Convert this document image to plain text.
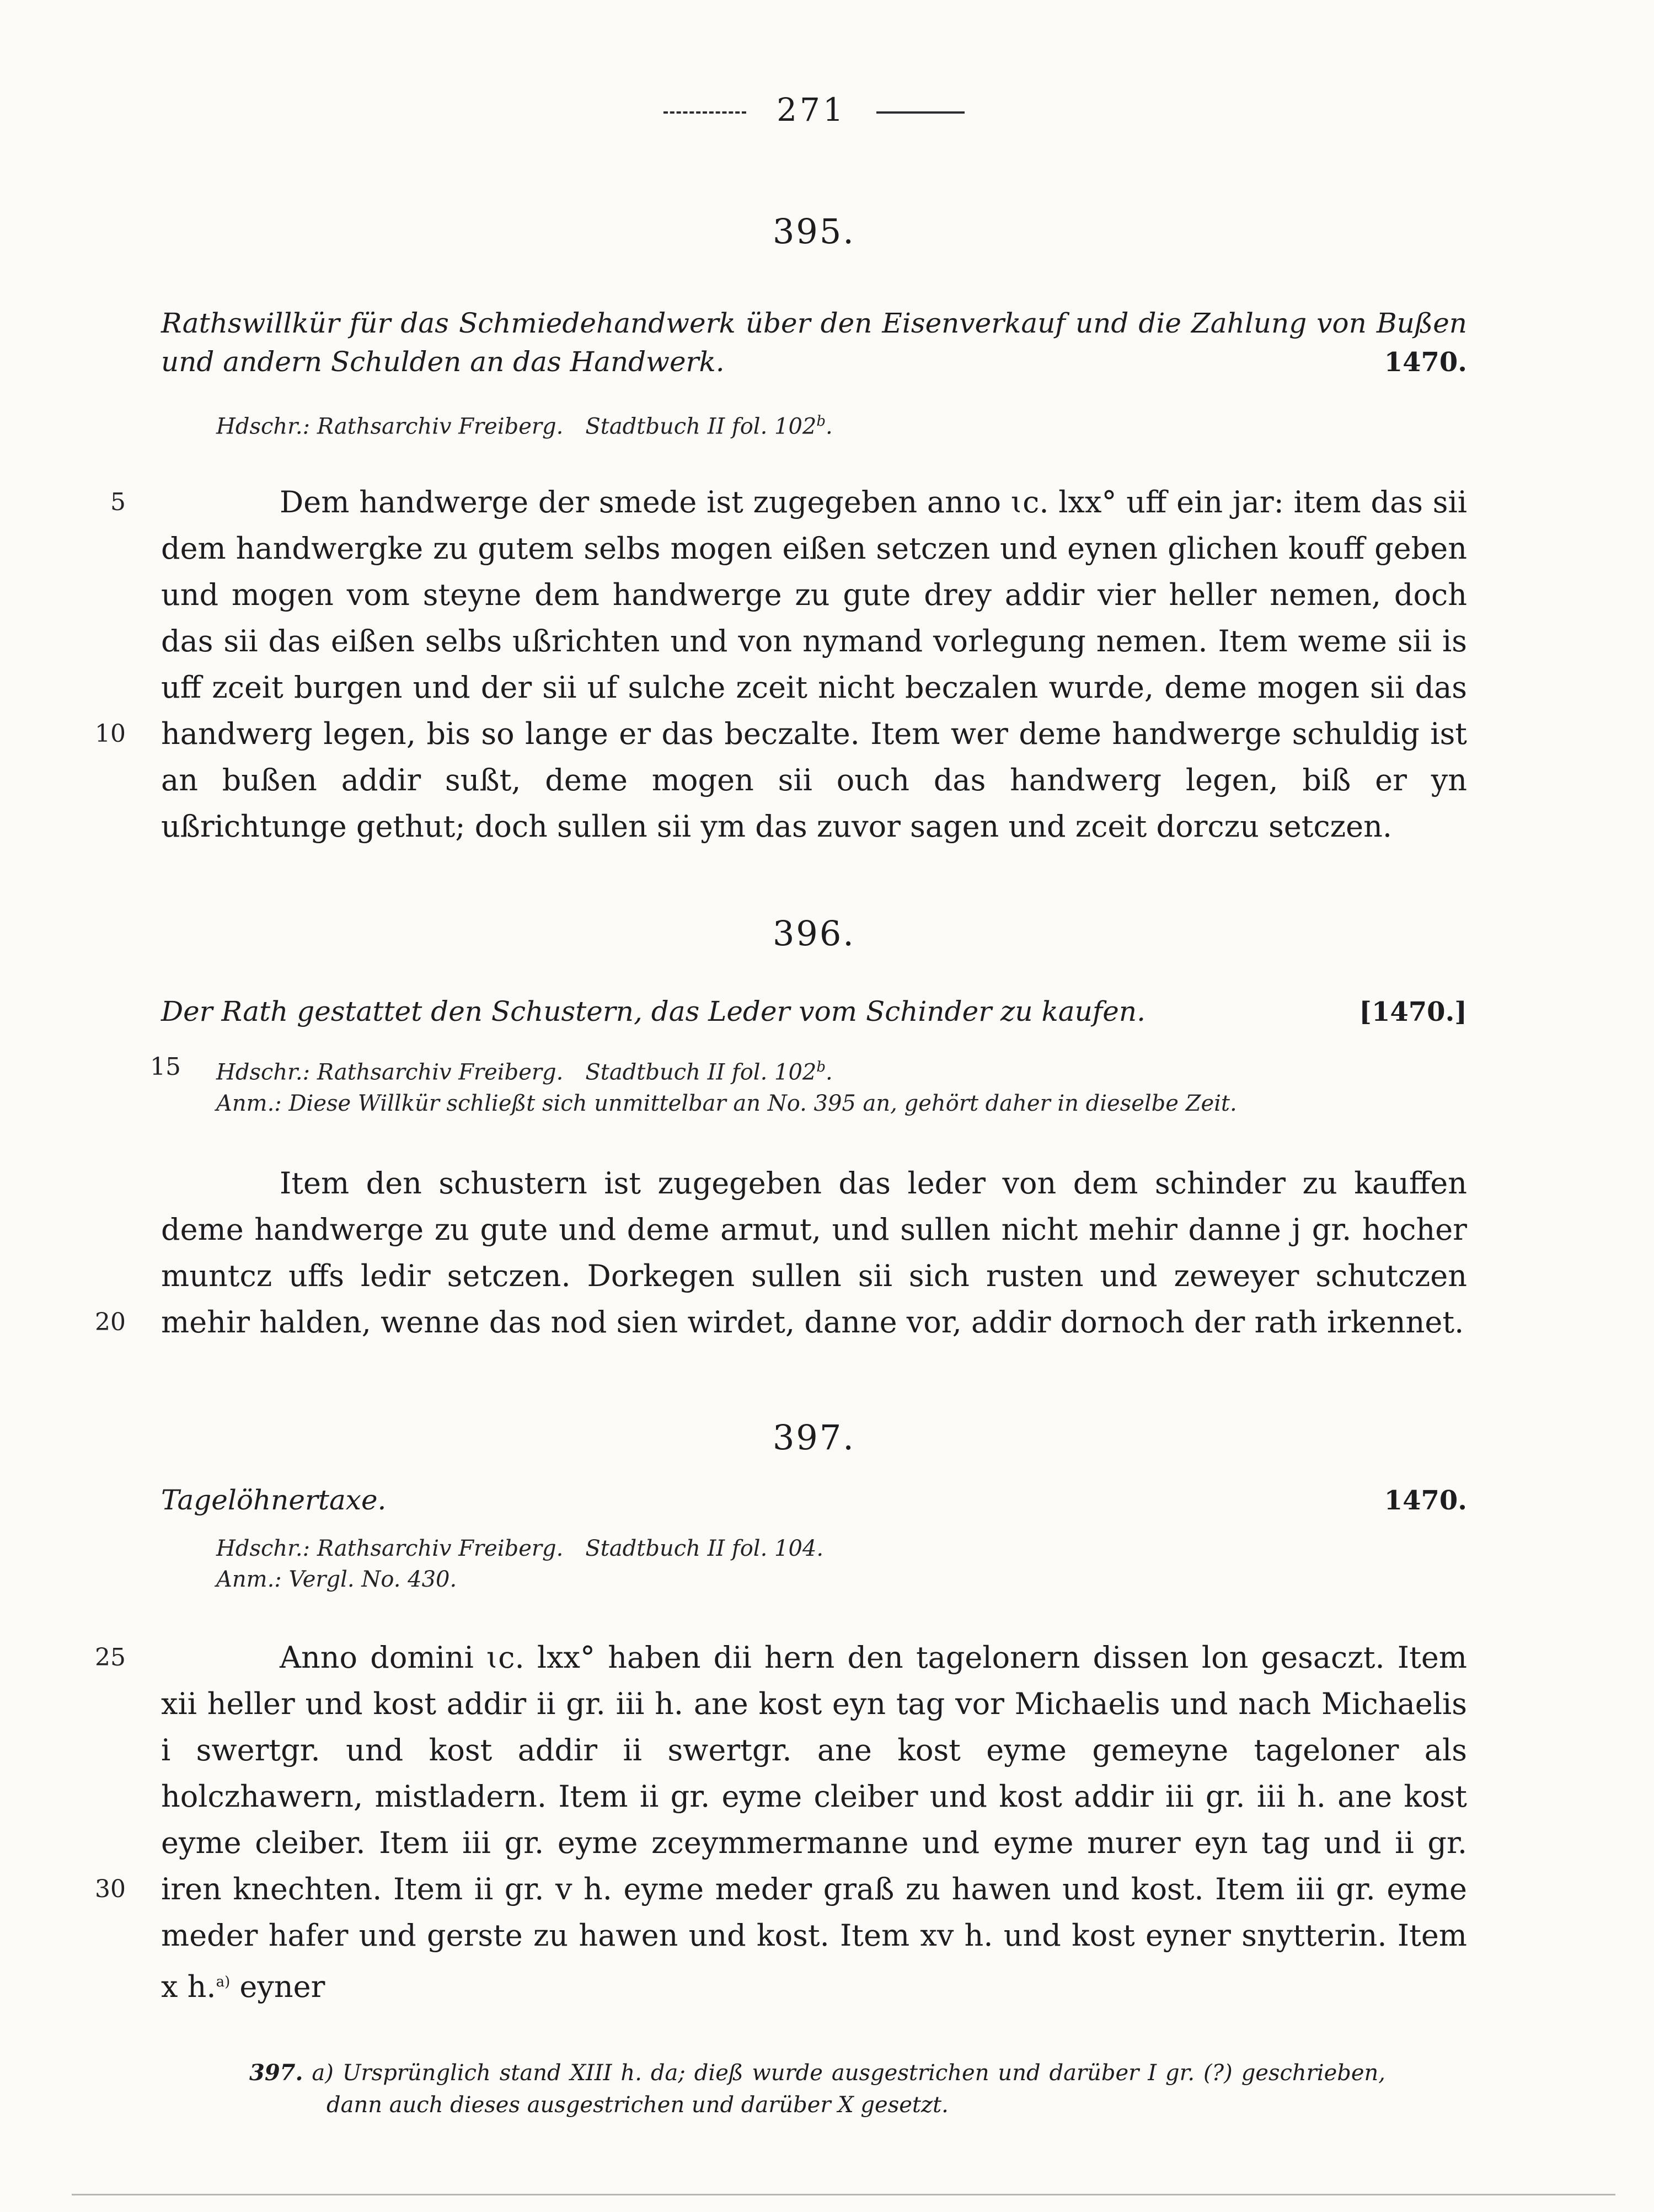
271
395.

Rathswillkür für das Schmiedehandwerk über den Eisenverkauf und die Zahlung von Bußen und andern Schulden an das Handwerk.	1470.

Hdschr.: Rathsarchiv Freiberg. Stadtbuch II fol. 102$^b$.

5
10

Dem handwerge der smede ist zugegeben anno ɩc. lxx° uff ein jar: item das sii dem handwergke zu gutem selbs mogen eißen setczen und eynen glichen kouff geben und mogen vom steyne dem handwerge zu gute drey addir vier heller nemen, doch das sii das eißen selbs ußrichten und von nymand vorlegung nemen. Item weme sii is uff zceit burgen und der sii uf sulche zceit nicht beczalen wurde, deme mogen sii das handwerg legen, bis so lange er das beczalte. Item wer deme handwerge schuldig ist an bußen addir sußt, deme mogen sii ouch das handwerg legen, biß er yn ußrichtunge gethut; doch sullen sii ym das zuvor sagen und zceit dorczu setczen.

396.

Der Rath gestattet den Schustern, das Leder vom Schinder zu kaufen.	[1470.]
15 Hdschr.: Rathsarchiv Freiberg. Stadtbuch II fol. 102$^b$.

Anm.: Diese Willkür schließt sich unmittelbar an No. 395 an, gehört daher in dieselbe Zeit.

20

Item den schustern ist zugegeben das leder von dem schinder zu kauffen deme handwerge zu gute und deme armut, und sullen nicht mehir danne j gr. hocher muntcz uffs ledir setczen. Dorkegen sullen sii sich rusten und zeweyer schutczen mehir halden, wenne das nod sien wirdet, danne vor, addir dornoch der rath irkennet.

397.

Tagelöhnertaxe.	1470.

Hdschr.: Rathsarchiv Freiberg. Stadtbuch II fol. 104.

Anm.: Vergl. No. 430.

25
30

Anno domini ɩc. lxx° haben dii hern den tagelonern dissen lon gesaczt. Item xii heller und kost addir ii gr. iii h. ane kost eyn tag vor Michaelis und nach Michaelis i swertgr. und kost addir ii swertgr. ane kost eyme gemeyne tageloner als holczhawern, mistladern. Item ii gr. eyme cleiber und kost addir iii gr. iii h. ane kost eyme cleiber. Item iii gr. eyme zceymmermanne und eyme murer eyn tag und ii gr. iren knechten. Item ii gr. v h. eyme meder graß zu hawen und kost. Item iii gr. eyme meder hafer und gerste zu hawen und kost. Item xv h. und kost eyner snytterin. Item x h.$^{a)}$ eyner

397. a) Ursprünglich stand XIII h. da; dieß wurde ausgestrichen und darüber I gr. (?) geschrieben, dann auch dieses ausgestrichen und darüber X gesetzt.
